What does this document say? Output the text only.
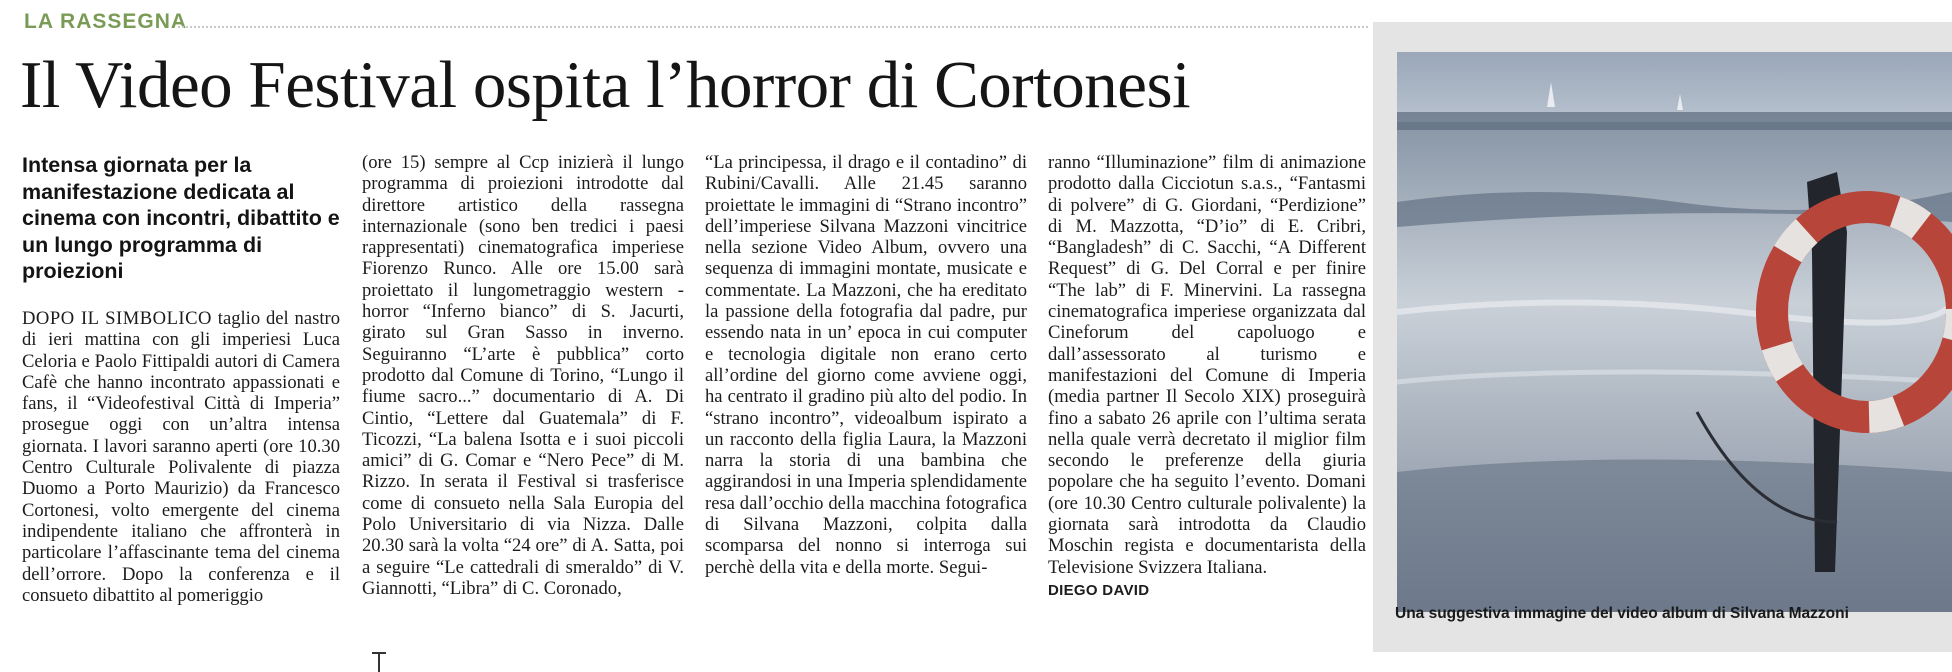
LA RASSEGNA
Il Video Festival ospita l’horror di Cortonesi
Intensa giornata per la manifestazione dedicata al cinema con incontri, dibattito e un lungo programma di proiezioni

DOPO IL SIMBOLICO taglio del nastro di ieri mattina con gli imperiesi Luca Celoria e Paolo Fittipaldi autori di Camera Cafè che hanno incontrato appassionati e fans, il “Videofestival Città di Imperia” prosegue oggi con un’altra intensa giornata. I lavori saranno aperti (ore 10.30 Centro Culturale Polivalente di piazza Duomo a Porto Maurizio) da Francesco Cortonesi, volto emergente del cinema indipendente italiano che affronterà in particolare l’affascinante tema del cinema dell’orrore. Dopo la conferenza e il consueto dibattito al pomeriggio

(ore 15) sempre al Ccp inizierà il lungo programma di proiezioni introdotte dal direttore artistico della rassegna internazionale (sono ben tredici i paesi rappresentati) cinematografica imperiese Fiorenzo Runco. Alle ore 15.00 sarà proiettato il lungometraggio western - horror “Inferno bianco” di S. Jacurti, girato sul Gran Sasso in inverno. Seguiranno “L’arte è pubblica” corto prodotto dal Comune di Torino, “Lungo il fiume sacro...” documentario di A. Di Cintio, “Lettere dal Guatemala” di F. Ticozzi, “La balena Isotta e i suoi piccoli amici” di G. Comar e “Nero Pece” di M. Rizzo. In serata il Festival si trasferisce come di consueto nella Sala Europia del Polo Universitario di via Nizza. Dalle 20.30 sarà la volta “24 ore” di A. Satta, poi a seguire “Le cattedrali di smeraldo” di V. Giannotti, “Libra” di C. Coronado,

“La principessa, il drago e il contadino” di Rubini/Cavalli. Alle 21.45 saranno proiettate le immagini di “Strano incontro” dell’imperiese Silvana Mazzoni vincitrice nella sezione Video Album, ovvero una sequenza di immagini montate, musicate e commentate. La Mazzoni, che ha ereditato la passione della fotografia dal padre, pur essendo nata in un’ epoca in cui computer e tecnologia digitale non erano certo all’ordine del giorno come avviene oggi, ha centrato il gradino più alto del podio. In “strano incontro”, videoalbum ispirato a un racconto della figlia Laura, la Mazzoni narra la storia di una bambina che aggirandosi in una Imperia splendidamente resa dall’occhio della macchina fotografica di Silvana Mazzoni, colpita dalla scomparsa del nonno si interroga sui perchè della vita e della morte. Segui-

ranno “Illuminazione” film di animazione prodotto dalla Cicciotun s.a.s., “Fantasmi di polvere” di G. Giordani, “Perdizione” di M. Mazzotta, “D’io” di E. Cribri, “Bangladesh” di C. Sacchi, “A Different Request” di G. Del Corral e per finire “The lab” di F. Minervini. La rassegna cinematografica imperiese organizzata dal Cineforum del capoluogo e dall’assessorato al turismo e manifestazioni del Comune di Imperia (media partner Il Secolo XIX) proseguirà fino a sabato 26 aprile con l’ultima serata nella quale verrà decretato il miglior film secondo le preferenze della giuria popolare che ha seguito l’evento. Domani (ore 10.30 Centro culturale polivalente) la giornata sarà introdotta da Claudio Moschin regista e documentarista della Televisione Svizzera Italiana.

DIEGO DAVID
Una suggestiva immagine del video album di Silvana Mazzoni
